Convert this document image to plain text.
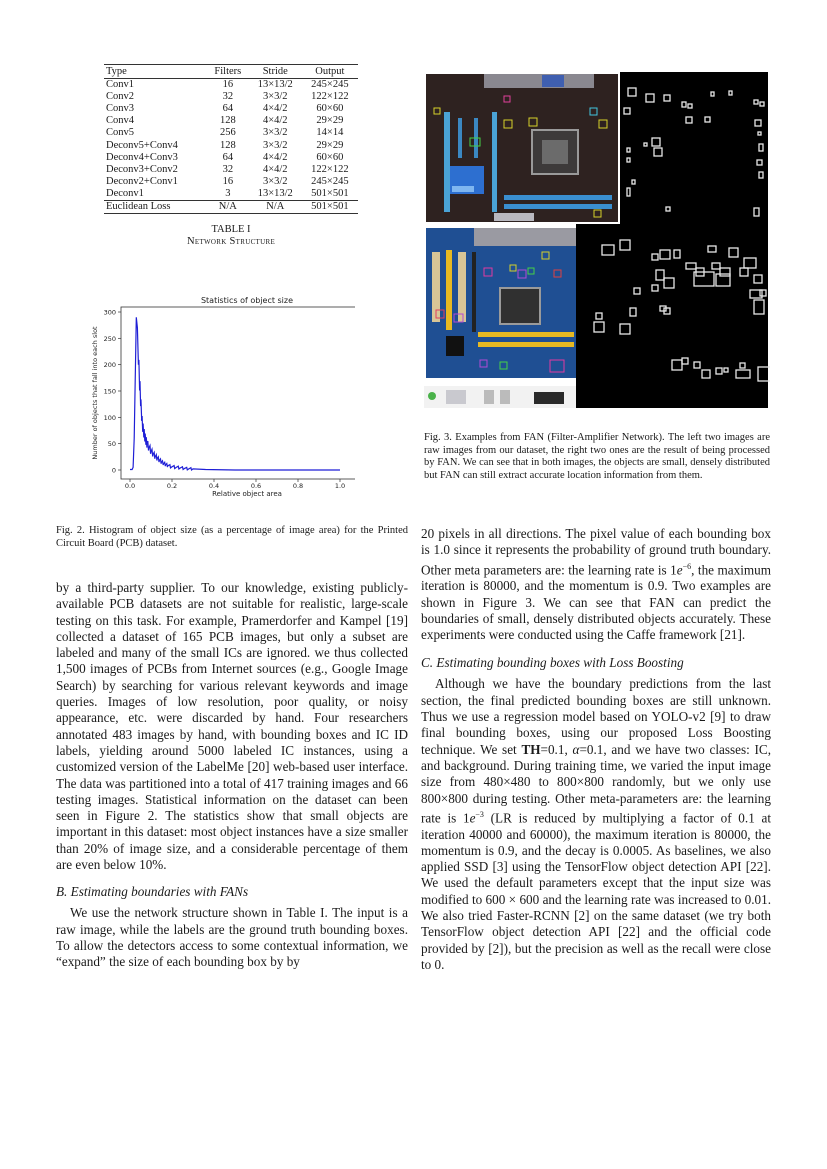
Type	Filters	Stride	Output
Conv1	16	13×13/2	245×245
Conv2	32	3×3/2	122×122
Conv3	64	4×4/2	60×60
Conv4	128	4×4/2	29×29
Conv5	256	3×3/2	14×14
Deconv5+Conv4	128	3×3/2	29×29
Deconv4+Conv3	64	4×4/2	60×60
Deconv3+Conv2	32	4×4/2	122×122
Deconv2+Conv1	16	3×3/2	245×245
Deconv1	3	13×13/2	501×501
Euclidean Loss	N/A	N/A	501×501
TABLE I
Network Structure
Statistics of object size
0
50
100
150
200
250
300
0.0	0.2	0.4	0.6	0.8	1.0
Relative object area
Number of objects that fall into each slot
Fig. 2. Histogram of object size (as a percentage of image area) for the Printed Circuit Board (PCB) dataset.
Fig. 3. Examples from FAN (Filter-Amplifier Network). The left two images are raw images from our dataset, the right two ones are the result of being processed by FAN. We can see that in both images, the objects are small, densely distributed but FAN can still extract accurate location information from them.

by a third-party supplier. To our knowledge, existing publicly-available PCB datasets are not suitable for realistic, large-scale testing on this task. For example, Pramerdorfer and Kampel [19] collected a dataset of 165 PCB images, but only a subset are labeled and many of the small ICs are ignored. we thus collected 1,500 images of PCBs from Internet sources (e.g., Google Image Search) by searching for various relevant keywords and image queries. Images of low resolution, poor quality, or noisy appearance, etc. were discarded by hand. Four researchers annotated 483 images by hand, with bounding boxes and IC ID labels, yielding around 5000 labeled IC instances, using a customized version of the LabelMe [20] web-based user interface. The data was partitioned into a total of 417 training images and 66 testing images. Statistical information on the dataset can been seen in Figure 2. The statistics show that small objects are important in this dataset: most object instances have a size smaller than 20% of image size, and a considerable percentage of them are even below 10%.

B. Estimating boundaries with FANs

We use the network structure shown in Table I. The input is a raw image, while the labels are the ground truth bounding boxes. To allow the detectors access to some contextual information, we “expand” the size of each bounding box by by

20 pixels in all directions. The pixel value of each bounding box is 1.0 since it represents the probability of ground truth boundary. Other meta parameters are: the learning rate is $1e^{-6}$, the maximum iteration is 80000, and the momentum is 0.9. Two examples are shown in Figure 3. We can see that FAN can predict the boundaries of small, densely distributed objects accurately. These experiments were conducted using the Caffe framework [21].

C. Estimating bounding boxes with Loss Boosting

Although we have the boundary predictions from the last section, the final predicted bounding boxes are still unknown. Thus we use a regression model based on YOLO-v2 [9] to draw final bounding boxes, using our proposed Loss Boosting technique. We set TH=0.1, α=0.1, and we have two classes: IC, and background. During training time, we varied the input image size from 480×480 to 800×800 randomly, but we only use 800×800 during testing. Other meta-parameters are: the learning rate is $1e^{-3}$ (LR is reduced by multiplying a factor of 0.1 at iteration 40000 and 60000), the maximum iteration is 80000, the momentum is 0.9, and the decay is 0.0005. As baselines, we also applied SSD [3] using the TensorFlow object detection API [22]. We used the default parameters except that the input size was modified to 600 × 600 and the learning rate was increased to 0.01. We also tried Faster-RCNN [2] on the same dataset (we try both TensorFlow object detection API [22] and the official code provided by [2]), but the precision as well as the recall were close to 0.
